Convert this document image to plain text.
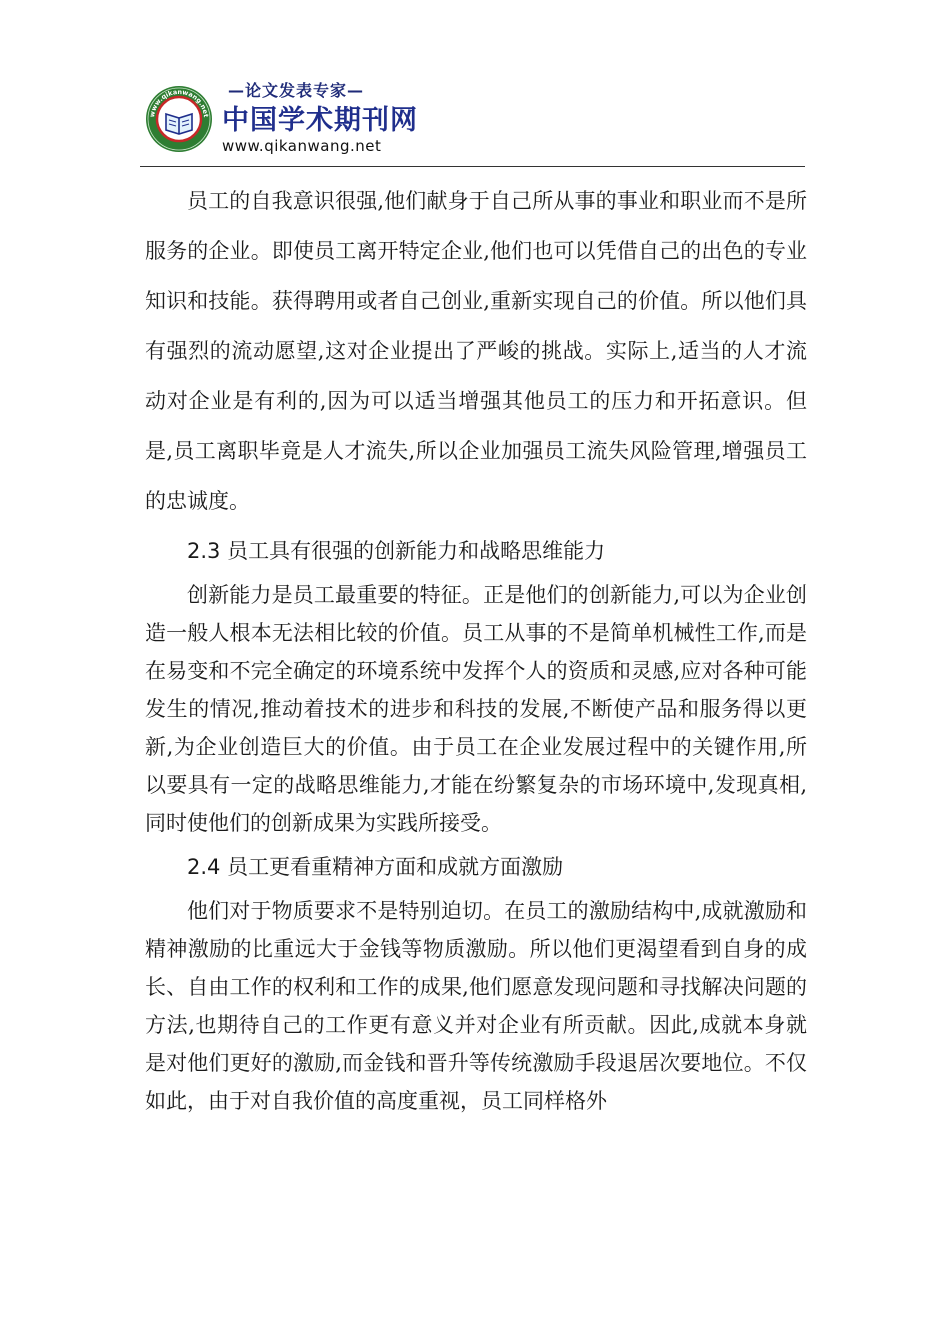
www.qikanwang.net
—论文发表专家—
中国学术期刊网
www.qikanwang.net

员工的自我意识很强,他们献身于自己所从事的事业和职业而不是所服务的企业。即使员工离开特定企业,他们也可以凭借自己的出色的专业知识和技能。获得聘用或者自己创业,重新实现自己的价值。所以他们具有强烈的流动愿望,这对企业提出了严峻的挑战。实际上,适当的人才流动对企业是有利的,因为可以适当增强其他员工的压力和开拓意识。但是,员工离职毕竟是人才流失,所以企业加强员工流失风险管理,增强员工的忠诚度。

2.3 员工具有很强的创新能力和战略思维能力

创新能力是员工最重要的特征。正是他们的创新能力,可以为企业创造一般人根本无法相比较的价值。员工从事的不是简单机械性工作,而是在易变和不完全确定的环境系统中发挥个人的资质和灵感,应对各种可能发生的情况,推动着技术的进步和科技的发展,不断使产品和服务得以更新,为企业创造巨大的价值。由于员工在企业发展过程中的关键作用,所以要具有一定的战略思维能力,才能在纷繁复杂的市场环境中,发现真相,同时使他们的创新成果为实践所接受。

2.4 员工更看重精神方面和成就方面激励

他们对于物质要求不是特别迫切。在员工的激励结构中,成就激励和精神激励的比重远大于金钱等物质激励。所以他们更渴望看到自身的成长、自由工作的权利和工作的成果,他们愿意发现问题和寻找解决问题的方法,也期待自己的工作更有意义并对企业有所贡献。因此,成就本身就是对他们更好的激励,而金钱和晋升等传统激励手段退居次要地位。不仅如此，由于对自我价值的高度重视，员工同样格外
